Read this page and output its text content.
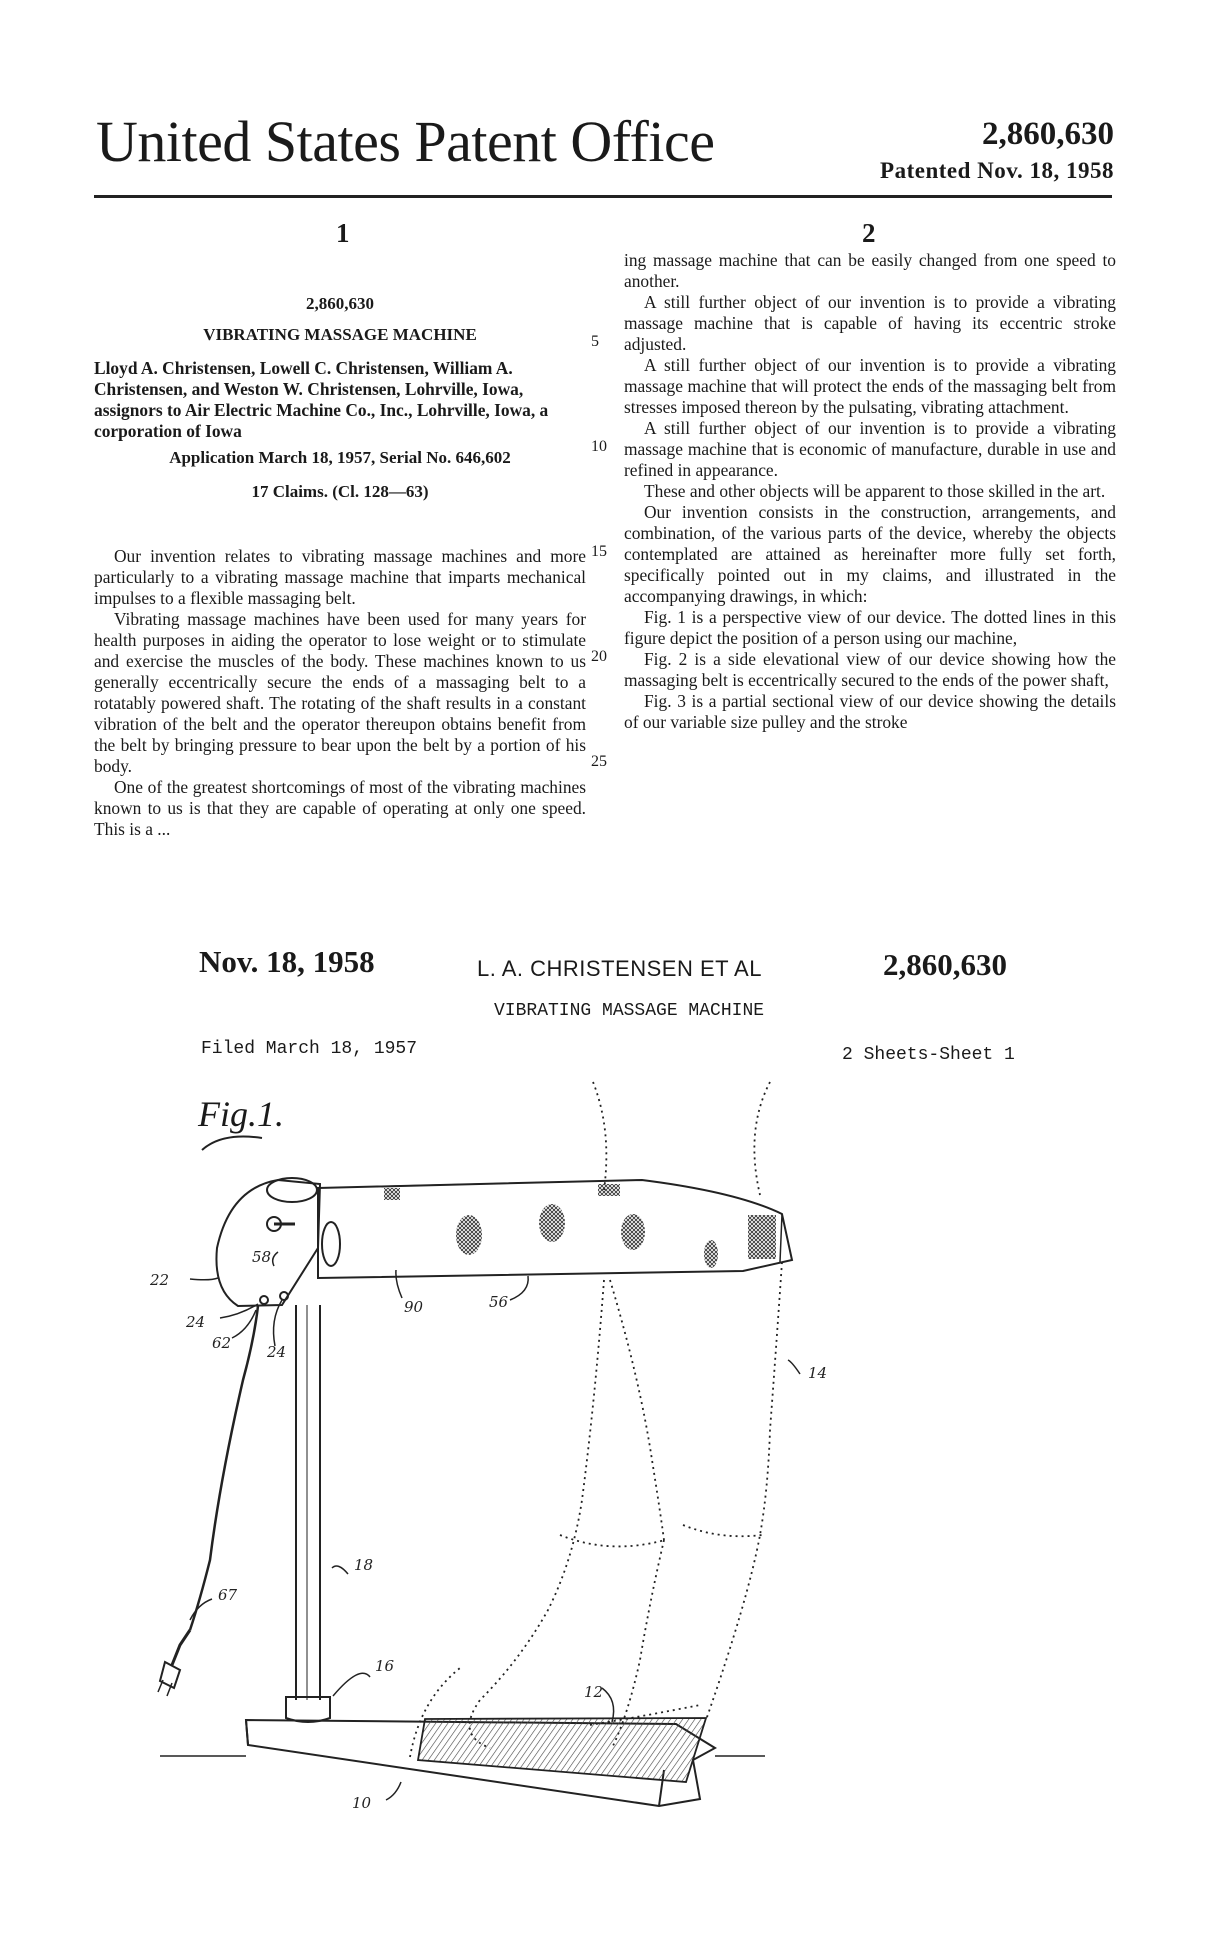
United States Patent Office	2,860,630
Patented Nov. 18, 1958
1	2
2,860,630
VIBRATING MASSAGE MACHINE
Lloyd A. Christensen, Lowell C. Christensen, William A. Christensen, and Weston W. Christensen, Lohrville, Iowa, assignors to Air Electric Machine Co., Inc., Lohrville, Iowa, a corporation of Iowa
Application March 18, 1957, Serial No. 646,602
17 Claims. (Cl. 128—63)

Our invention relates to vibrating massage machines and more particularly to a vibrating massage machine that imparts mechanical impulses to a flexible massaging belt.

Vibrating massage machines have been used for many years for health purposes in aiding the operator to lose weight or to stimulate and exercise the muscles of the body. These machines known to us generally eccentrically secure the ends of a massaging belt to a rotatably powered shaft. The rotating of the shaft results in a constant vibration of the belt and the operator thereupon obtains benefit from the belt by bringing pressure to bear upon the belt by a portion of his body.

One of the greatest shortcomings of most of the vibrating machines known to us is that they are capable of operating at only one speed. This is a ...

ing massage machine that can be easily changed from one speed to another.

A still further object of our invention is to provide a vibrating massage machine that is capable of having its eccentric stroke adjusted.

A still further object of our invention is to provide a vibrating massage machine that will protect the ends of the massaging belt from stresses imposed thereon by the pulsating, vibrating attachment.

A still further object of our invention is to provide a vibrating massage machine that is economic of manufacture, durable in use and refined in appearance.

These and other objects will be apparent to those skilled in the art.

Our invention consists in the construction, arrangements, and combination, of the various parts of the device, whereby the objects contemplated are attained as hereinafter more fully set forth, specifically pointed out in my claims, and illustrated in the accompanying drawings, in which:

Fig. 1 is a perspective view of our device. The dotted lines in this figure depict the position of a person using our machine,

Fig. 2 is a side elevational view of our device showing how the massaging belt is eccentrically secured to the ends of the power shaft,

Fig. 3 is a partial sectional view of our device showing the details of our variable size pulley and the stroke

5
10
15
20
25
Nov. 18, 1958	L. A. CHRISTENSEN ET AL	2,860,630
VIBRATING MASSAGE MACHINE
Filed March 18, 1957	2 Sheets-Sheet 1
Fig.1.
22
58
24
62 24
90	56
14
18
67
16
12
10
